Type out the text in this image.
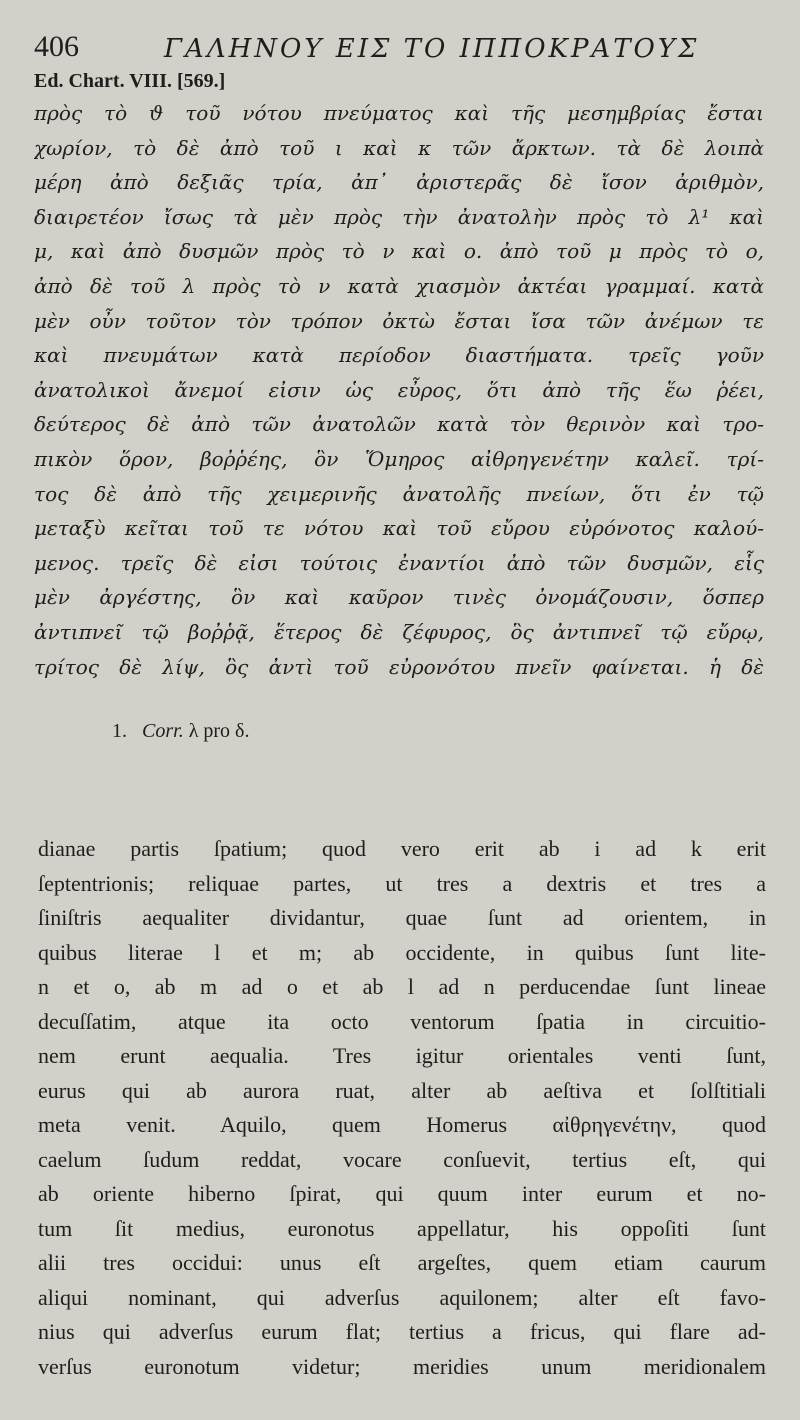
406	ΓΑΛΗΝΟΥ ΕΙΣ ΤΟ ΙΠΠΟΚΡΑΤΟΥΣ
Ed. Chart. VIII. [569.]
πρὸς τὸ ϑ τοῦ νότου πνεύματος καὶ τῆς μεσημβρίας ἔσται
χωρίον, τὸ δὲ ἀπὸ τοῦ ι καὶ κ τῶν ἄρκτων. τὰ δὲ λοιπὰ
μέρη ἀπὸ δεξιᾶς τρία, ἀπ᾽ ἀριστερᾶς δὲ ἴσον ἀριθμὸν,
διαιρετέον ἴσως τὰ μὲν πρὸς τὴν ἀνατολὴν πρὸς τὸ λ¹ καὶ
μ, καὶ ἀπὸ δυσμῶν πρὸς τὸ ν καὶ ο. ἀπὸ τοῦ μ πρὸς τὸ ο,
ἀπὸ δὲ τοῦ λ πρὸς τὸ ν κατὰ χιασμὸν ἀκτέαι γραμμαί. κατὰ
μὲν οὖν τοῦτον τὸν τρόπον ὀκτὼ ἔσται ἴσα τῶν ἀνέμων τε
καὶ πνευμάτων κατὰ περίοδον διαστήματα. τρεῖς γοῦν
ἀνατολικοὶ ἄνεμοί εἰσιν ὡς εὖρος, ὅτι ἀπὸ τῆς ἕω ῥέει,
δεύτερος δὲ ἀπὸ τῶν ἀνατολῶν κατὰ τὸν θερινὸν καὶ τρο-
πικὸν ὅρον, βοῤῥέης, ὃν Ὅμηρος αἰθρηγενέτην καλεῖ. τρί-
τος δὲ ἀπὸ τῆς χειμερινῆς ἀνατολῆς πνείων, ὅτι ἐν τῷ
μεταξὺ κεῖται τοῦ τε νότου καὶ τοῦ εὔρου εὐρόνοτος καλού-
μενος. τρεῖς δὲ εἰσι τούτοις ἐναντίοι ἀπὸ τῶν δυσμῶν, εἷς
μὲν ἀργέστης, ὃν καὶ καῦρον τινὲς ὀνομάζουσιν, ὅσπερ
ἀντιπνεῖ τῷ βοῤῥᾷ, ἕτερος δὲ ζέφυρος, ὃς ἀντιπνεῖ τῷ εὔρῳ,
τρίτος δὲ λίψ, ὃς ἀντὶ τοῦ εὐρονότου πνεῖν φαίνεται. ἡ δὲ
1. Corr. λ pro δ.
dianae partis ſpatium; quod vero erit ab i ad k erit
ſeptentrionis; reliquae partes, ut tres a dextris et tres a
ſiniſtris aequaliter dividantur, quae ſunt ad orientem, in
quibus literae l et m; ab occidente, in quibus ſunt lite-
n et o, ab m ad o et ab l ad n perducendae ſunt lineae
decuſſatim, atque ita octo ventorum ſpatia in circuitio-
nem erunt aequalia. Tres igitur orientales venti ſunt,
eurus qui ab aurora ruat, alter ab aeſtiva et ſolſtitiali
meta venit. Aquilo, quem Homerus αἰθρηγενέτην, quod
caelum ſudum reddat, vocare conſuevit, tertius eſt, qui
ab oriente hiberno ſpirat, qui quum inter eurum et no-
tum ſit medius, euronotus appellatur, his oppoſiti ſunt
alii tres occidui: unus eſt argeſtes, quem etiam caurum
aliqui nominant, qui adverſus aquilonem; alter eſt favo-
nius qui adverſus eurum flat; tertius a fricus, qui flare ad-
verſus euronotum videtur; meridies unum meridionalem
